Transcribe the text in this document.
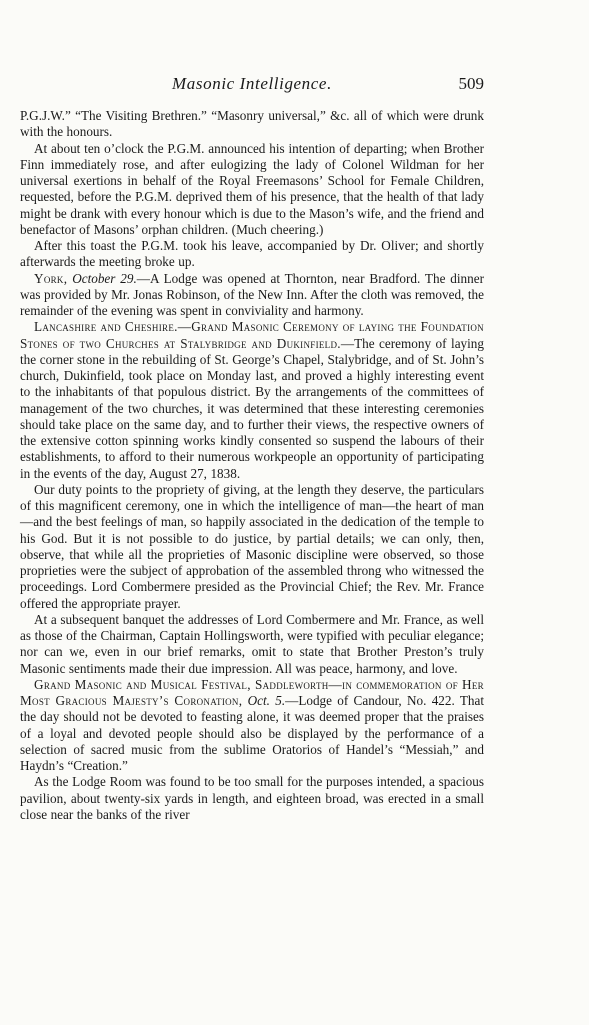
Masonic Intelligence.	509

P.G.J.W.” “The Visiting Brethren.” “Masonry universal,” &c. all of which were drunk with the honours.

At about ten o’clock the P.G.M. announced his intention of departing; when Brother Finn immediately rose, and after eulogizing the lady of Colonel Wildman for her universal exertions in behalf of the Royal Freemasons’ School for Female Children, requested, before the P.G.M. deprived them of his presence, that the health of that lady might be drank with every honour which is due to the Mason’s wife, and the friend and benefactor of Masons’ orphan children. (Much cheering.)

After this toast the P.G.M. took his leave, accompanied by Dr. Oliver; and shortly afterwards the meeting broke up.

York, October 29.—A Lodge was opened at Thornton, near Bradford. The dinner was provided by Mr. Jonas Robinson, of the New Inn. After the cloth was removed, the remainder of the evening was spent in conviviality and harmony.

Lancashire and Cheshire.—Grand Masonic Ceremony of laying the Foundation Stones of two Churches at Stalybridge and Dukinfield.—The ceremony of laying the corner stone in the rebuilding of St. George’s Chapel, Stalybridge, and of St. John’s church, Dukinfield, took place on Monday last, and proved a highly interesting event to the inhabitants of that populous district. By the arrangements of the committees of management of the two churches, it was determined that these interesting ceremonies should take place on the same day, and to further their views, the respective owners of the extensive cotton spinning works kindly consented so suspend the labours of their establishments, to afford to their numerous workpeople an opportunity of participating in the events of the day, August 27, 1838.

Our duty points to the propriety of giving, at the length they deserve, the particulars of this magnificent ceremony, one in which the intelligence of man—the heart of man—and the best feelings of man, so happily associated in the dedication of the temple to his God. But it is not possible to do justice, by partial details; we can only, then, observe, that while all the proprieties of Masonic discipline were observed, so those proprieties were the subject of approbation of the assembled throng who witnessed the proceedings. Lord Combermere presided as the Provincial Chief; the Rev. Mr. France offered the appropriate prayer.

At a subsequent banquet the addresses of Lord Combermere and Mr. France, as well as those of the Chairman, Captain Hollingsworth, were typified with peculiar elegance; nor can we, even in our brief remarks, omit to state that Brother Preston’s truly Masonic sentiments made their due impression. All was peace, harmony, and love.

Grand Masonic and Musical Festival, Saddleworth—in commemoration of Her Most Gracious Majesty’s Coronation, Oct. 5.—Lodge of Candour, No. 422. That the day should not be devoted to feasting alone, it was deemed proper that the praises of a loyal and devoted people should also be displayed by the performance of a selection of sacred music from the sublime Oratorios of Handel’s “Messiah,” and Haydn’s “Creation.”

As the Lodge Room was found to be too small for the purposes intended, a spacious pavilion, about twenty-six yards in length, and eighteen broad, was erected in a small close near the banks of the river
